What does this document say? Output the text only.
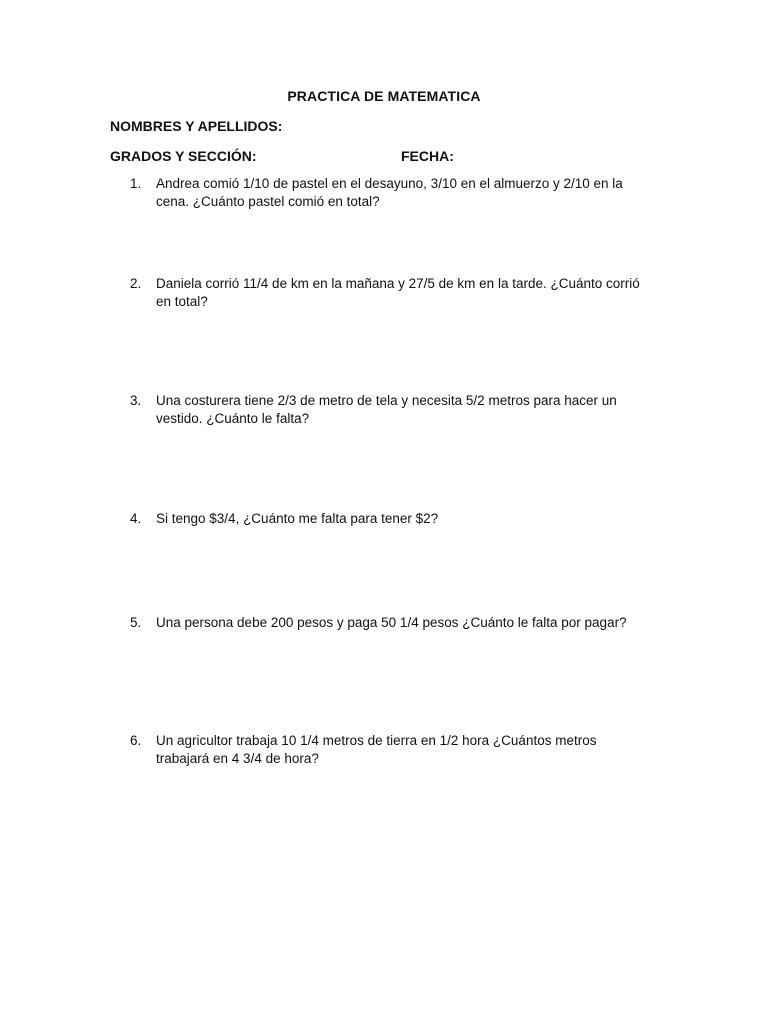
PRACTICA DE MATEMATICA
NOMBRES Y APELLIDOS:
GRADOS Y SECCIÓN:	FECHA:
1.	Andrea comió 1/10 de pastel en el desayuno, 3/10 en el almuerzo y 2/10 en la cena. ¿Cuánto pastel comió en total?
2.	Daniela corrió 11/4 de km en la mañana y 27/5 de km en la tarde. ¿Cuánto corrió en total?
3.	Una costurera tiene 2/3 de metro de tela y necesita 5/2 metros para hacer un vestido. ¿Cuánto le falta?
4.	Si tengo $3/4, ¿Cuánto me falta para tener $2?
5.	Una persona debe 200 pesos y paga 50 1/4 pesos ¿Cuánto le falta por pagar?
6.	Un agricultor trabaja 10 1/4 metros de tierra en 1/2 hora ¿Cuántos metros trabajará en 4 3/4 de hora?
